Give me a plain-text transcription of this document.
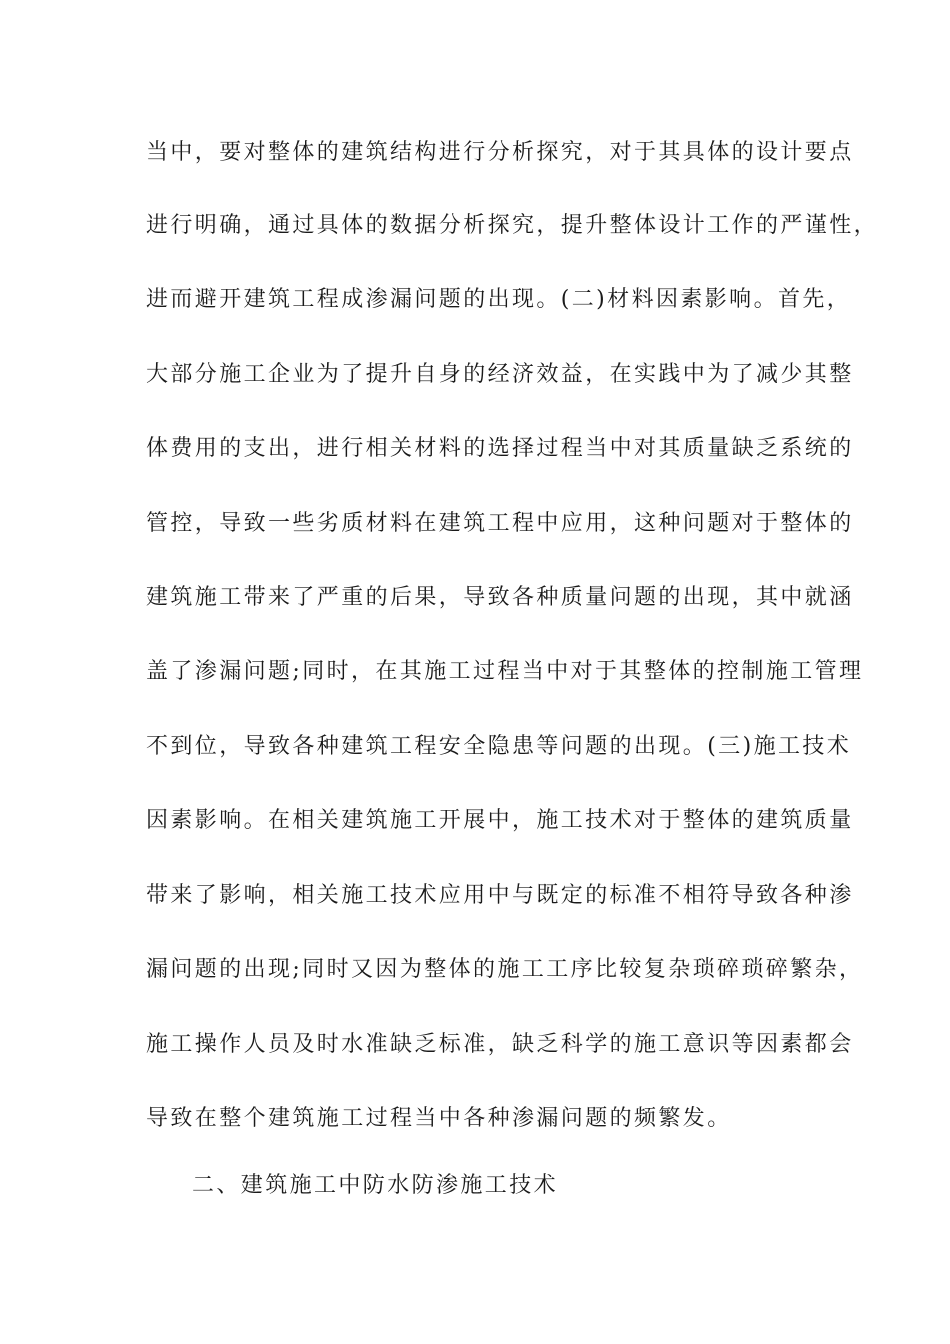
当中，要对整体的建筑结构进行分析探究，对于其具体的设计要点
进行明确，通过具体的数据分析探究，提升整体设计工作的严谨性，
进而避开建筑工程成渗漏问题的出现。(二)材料因素影响。首先，
大部分施工企业为了提升自身的经济效益，在实践中为了减少其整
体费用的支出，进行相关材料的选择过程当中对其质量缺乏系统的
管控，导致一些劣质材料在建筑工程中应用，这种问题对于整体的
建筑施工带来了严重的后果，导致各种质量问题的出现，其中就涵
盖了渗漏问题;同时，在其施工过程当中对于其整体的控制施工管理
不到位，导致各种建筑工程安全隐患等问题的出现。(三)施工技术
因素影响。在相关建筑施工开展中，施工技术对于整体的建筑质量
带来了影响，相关施工技术应用中与既定的标准不相符导致各种渗
漏问题的出现;同时又因为整体的施工工序比较复杂琐碎琐碎繁杂，
施工操作人员及时水准缺乏标准，缺乏科学的施工意识等因素都会
导致在整个建筑施工过程当中各种渗漏问题的频繁发。
二、建筑施工中防水防渗施工技术
